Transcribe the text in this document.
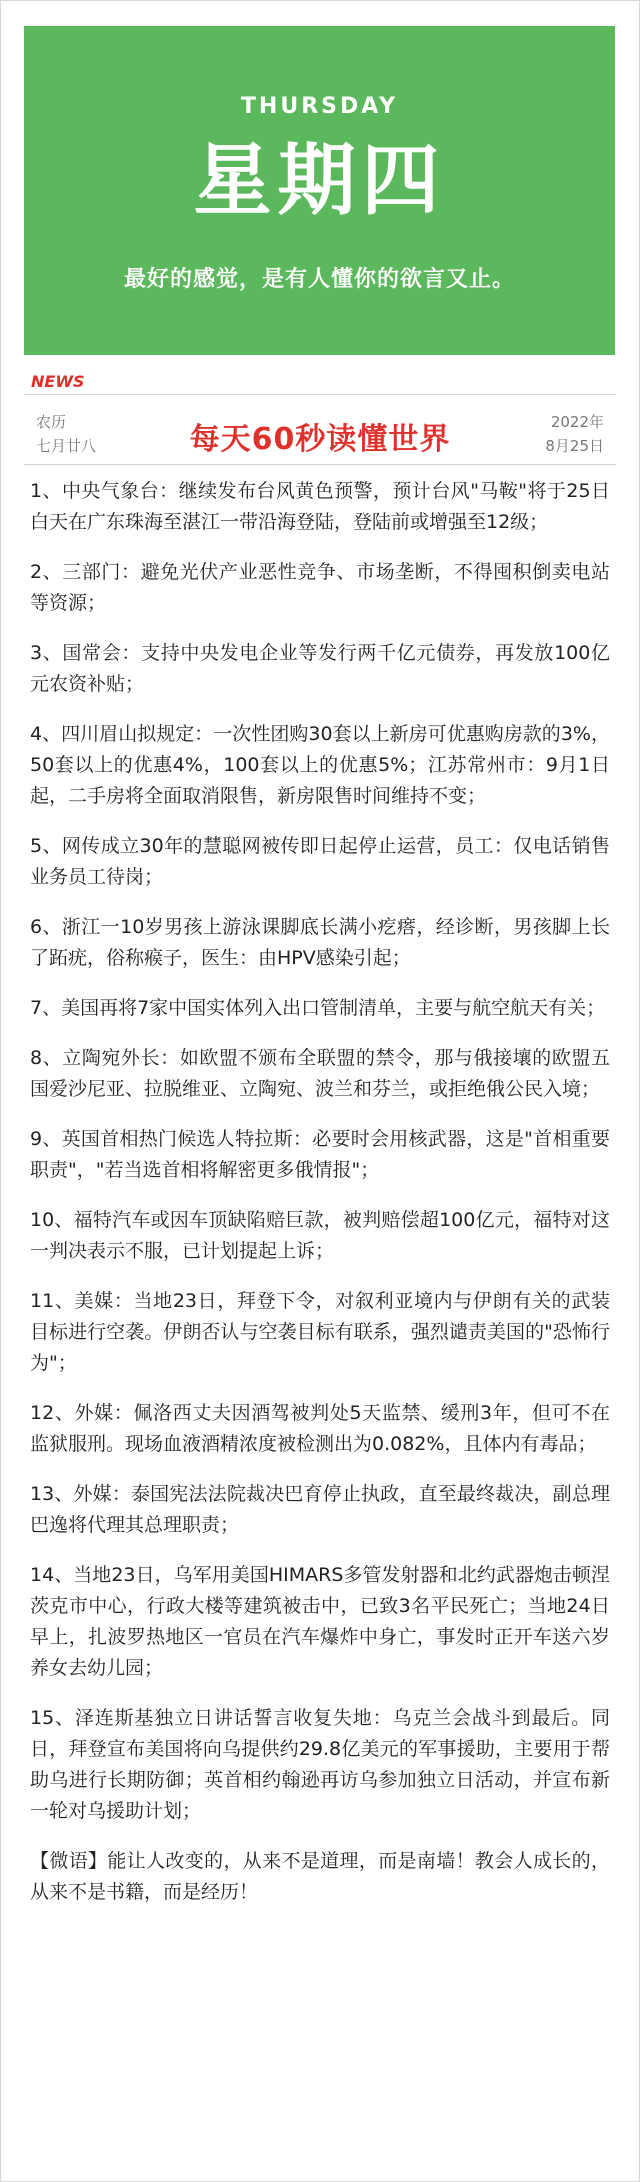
THURSDAY
星期四
最好的感觉，是有人懂你的欲言又止。
NEWS
农历
七月廿八	每天60秒读懂世界	2022年
8月25日
1、中央气象台：继续发布台风黄色预警，预计台风"马鞍"将于25日白天在广东珠海至湛江一带沿海登陆，登陆前或增强至12级；
2、三部门：避免光伏产业恶性竞争、市场垄断，不得囤积倒卖电站等资源；
3、国常会：支持中央发电企业等发行两千亿元债券，再发放100亿元农资补贴；
4、四川眉山拟规定：一次性团购30套以上新房可优惠购房款的3%，50套以上的优惠4%，100套以上的优惠5%；江苏常州市：9月1日起，二手房将全面取消限售，新房限售时间维持不变；
5、网传成立30年的慧聪网被传即日起停止运营，员工：仅电话销售业务员工待岗；
6、浙江一10岁男孩上游泳课脚底长满小疙瘩，经诊断，男孩脚上长了跖疣，俗称瘊子，医生：由HPV感染引起；
7、美国再将7家中国实体列入出口管制清单，主要与航空航天有关；
8、立陶宛外长：如欧盟不颁布全联盟的禁令，那与俄接壤的欧盟五国爱沙尼亚、拉脱维亚、立陶宛、波兰和芬兰，或拒绝俄公民入境；
9、英国首相热门候选人特拉斯：必要时会用核武器，这是"首相重要职责"，"若当选首相将解密更多俄情报"；
10、福特汽车或因车顶缺陷赔巨款，被判赔偿超100亿元，福特对这一判决表示不服，已计划提起上诉；
11、美媒：当地23日，拜登下令，对叙利亚境内与伊朗有关的武装目标进行空袭。伊朗否认与空袭目标有联系，强烈谴责美国的"恐怖行为"；
12、外媒：佩洛西丈夫因酒驾被判处5天监禁、缓刑3年，但可不在监狱服刑。现场血液酒精浓度被检测出为0.082%，且体内有毒品；
13、外媒：泰国宪法法院裁决巴育停止执政，直至最终裁决，副总理巴逸将代理其总理职责；
14、当地23日，乌军用美国HIMARS多管发射器和北约武器炮击顿涅茨克市中心，行政大楼等建筑被击中，已致3名平民死亡；当地24日早上，扎波罗热地区一官员在汽车爆炸中身亡，事发时正开车送六岁养女去幼儿园；
15、泽连斯基独立日讲话誓言收复失地：乌克兰会战斗到最后。同日，拜登宣布美国将向乌提供约29.8亿美元的军事援助，主要用于帮助乌进行长期防御；英首相约翰逊再访乌参加独立日活动，并宣布新一轮对乌援助计划；
【微语】能让人改变的，从来不是道理，而是南墙！教会人成长的，从来不是书籍，而是经历！
